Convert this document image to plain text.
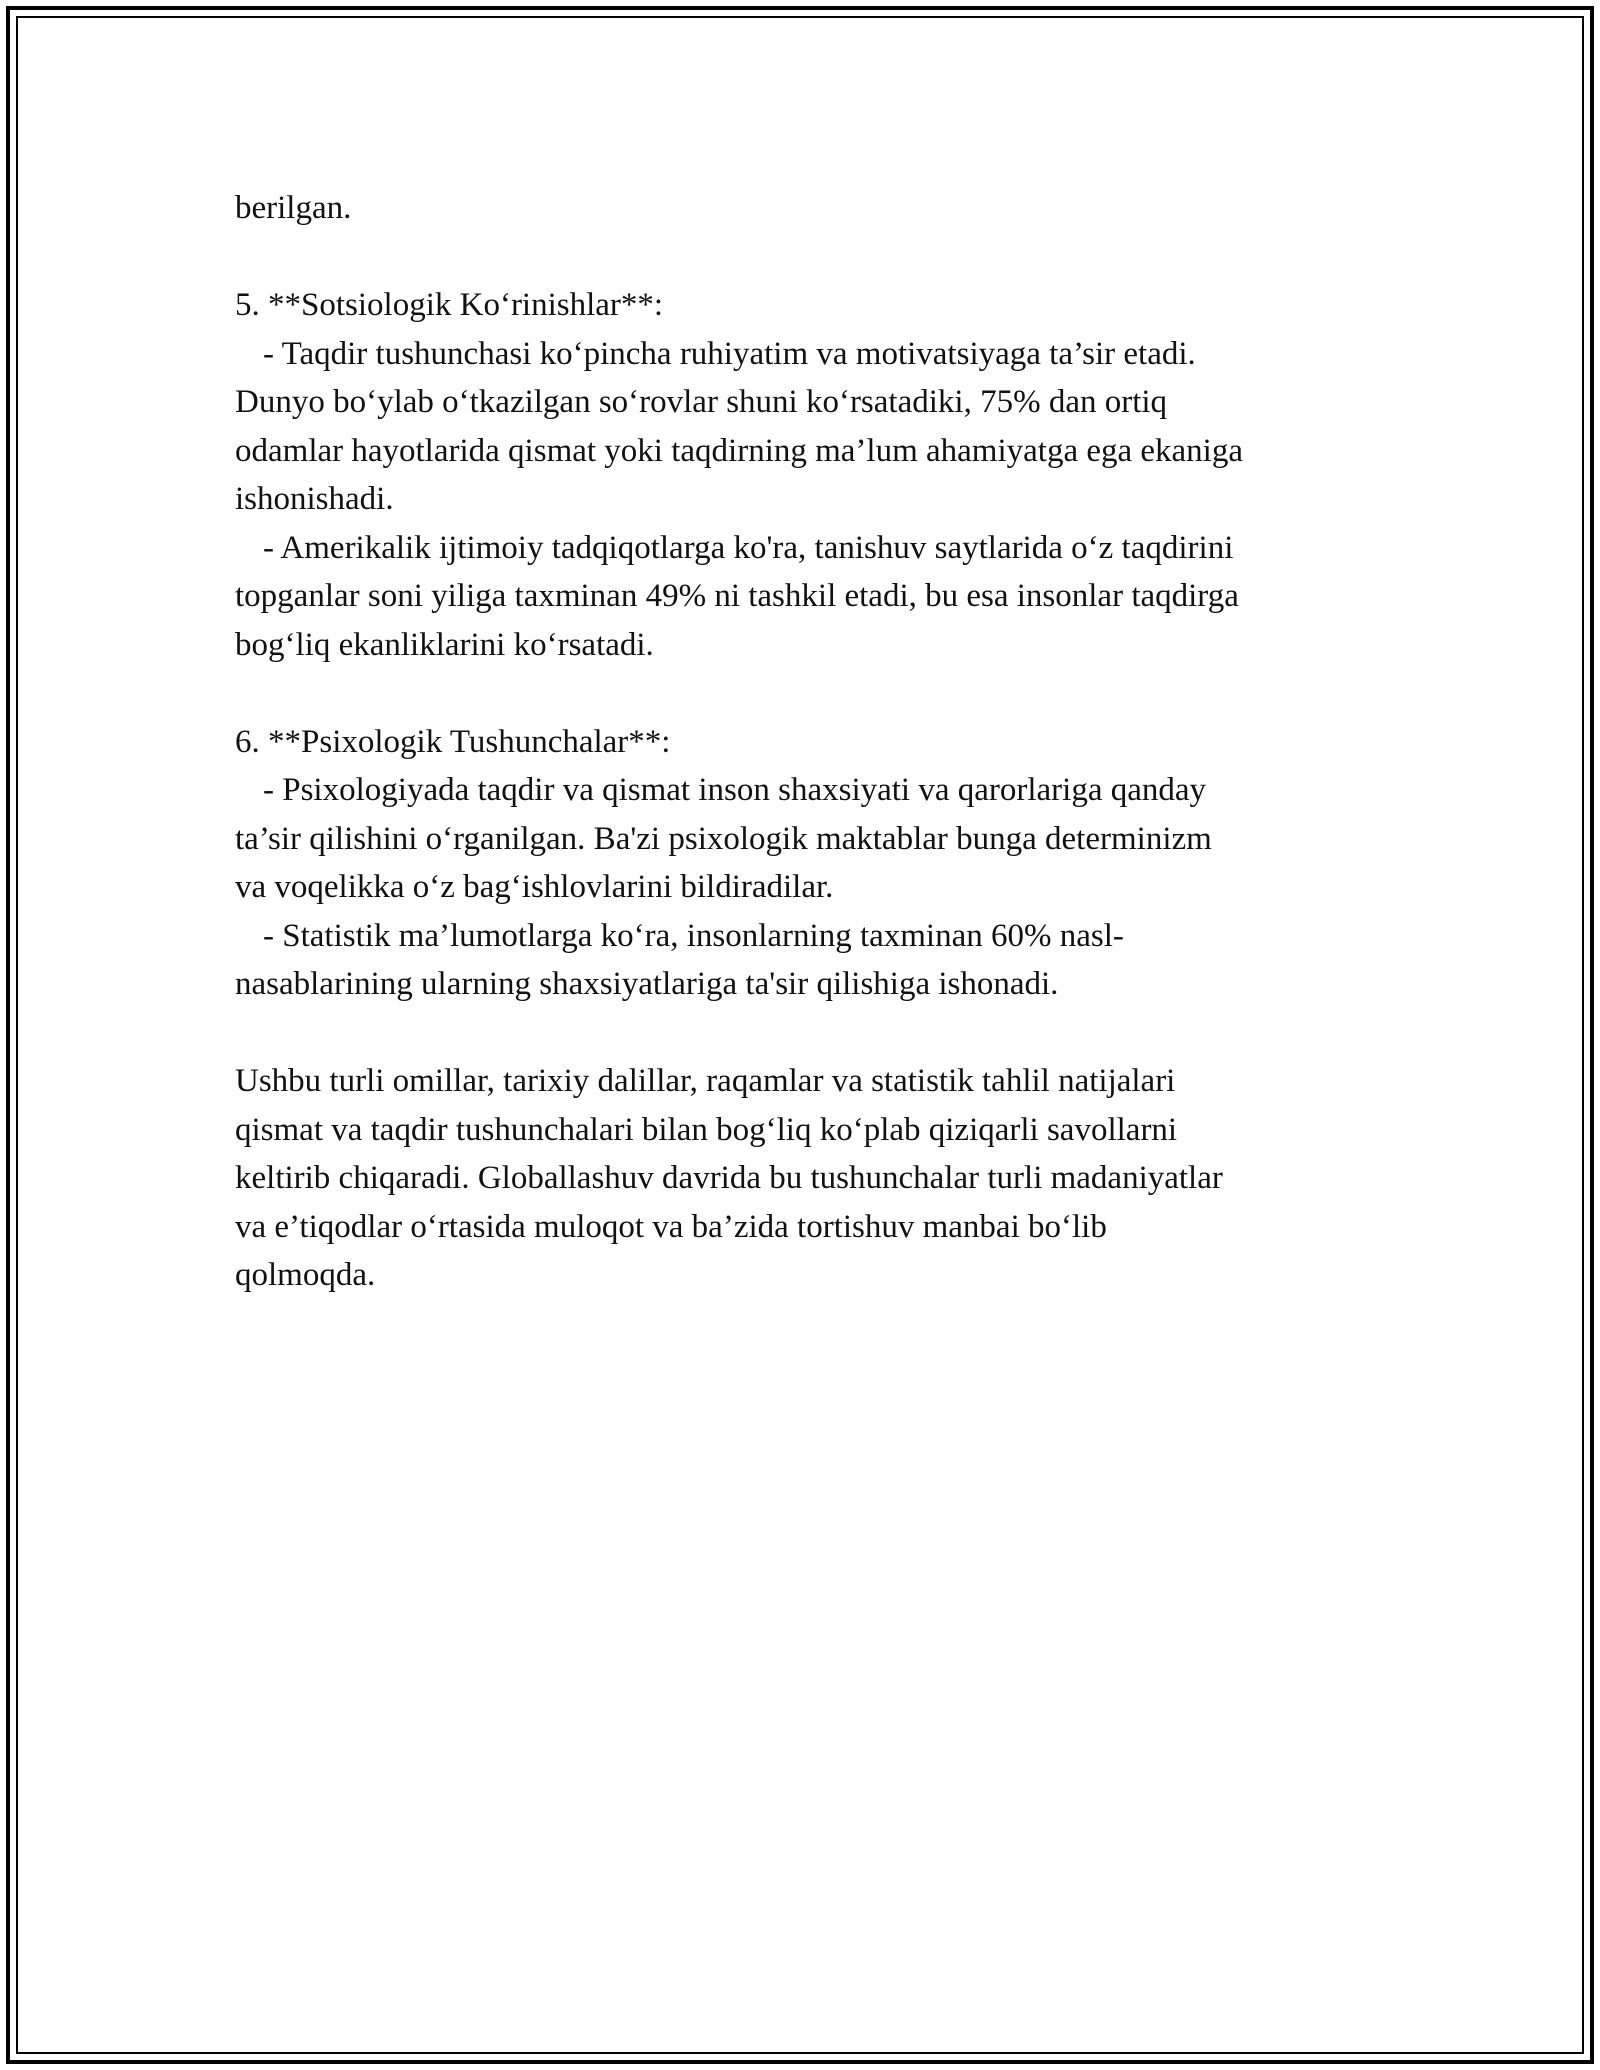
berilgan.

5. **Sotsiologik Ko‘rinishlar**:

- Taqdir tushunchasi ko‘pincha ruhiyatim va motivatsiyaga ta’sir etadi.

Dunyo bo‘ylab o‘tkazilgan so‘rovlar shuni ko‘rsatadiki, 75% dan ortiq

odamlar hayotlarida qismat yoki taqdirning ma’lum ahamiyatga ega ekaniga

ishonishadi.

- Amerikalik ijtimoiy tadqiqotlarga ko'ra, tanishuv saytlarida o‘z taqdirini

topganlar soni yiliga taxminan 49% ni tashkil etadi, bu esa insonlar taqdirga

bog‘liq ekanliklarini ko‘rsatadi.

6. **Psixologik Tushunchalar**:

- Psixologiyada taqdir va qismat inson shaxsiyati va qarorlariga qanday

ta’sir qilishini o‘rganilgan. Ba'zi psixologik maktablar bunga determinizm

va voqelikka o‘z bag‘ishlovlarini bildiradilar.

- Statistik ma’lumotlarga ko‘ra, insonlarning taxminan 60% nasl-

nasablarining ularning shaxsiyatlariga ta'sir qilishiga ishonadi.

Ushbu turli omillar, tarixiy dalillar, raqamlar va statistik tahlil natijalari

qismat va taqdir tushunchalari bilan bog‘liq ko‘plab qiziqarli savollarni

keltirib chiqaradi. Globallashuv davrida bu tushunchalar turli madaniyatlar

va e’tiqodlar o‘rtasida muloqot va ba’zida tortishuv manbai bo‘lib

qolmoqda.
